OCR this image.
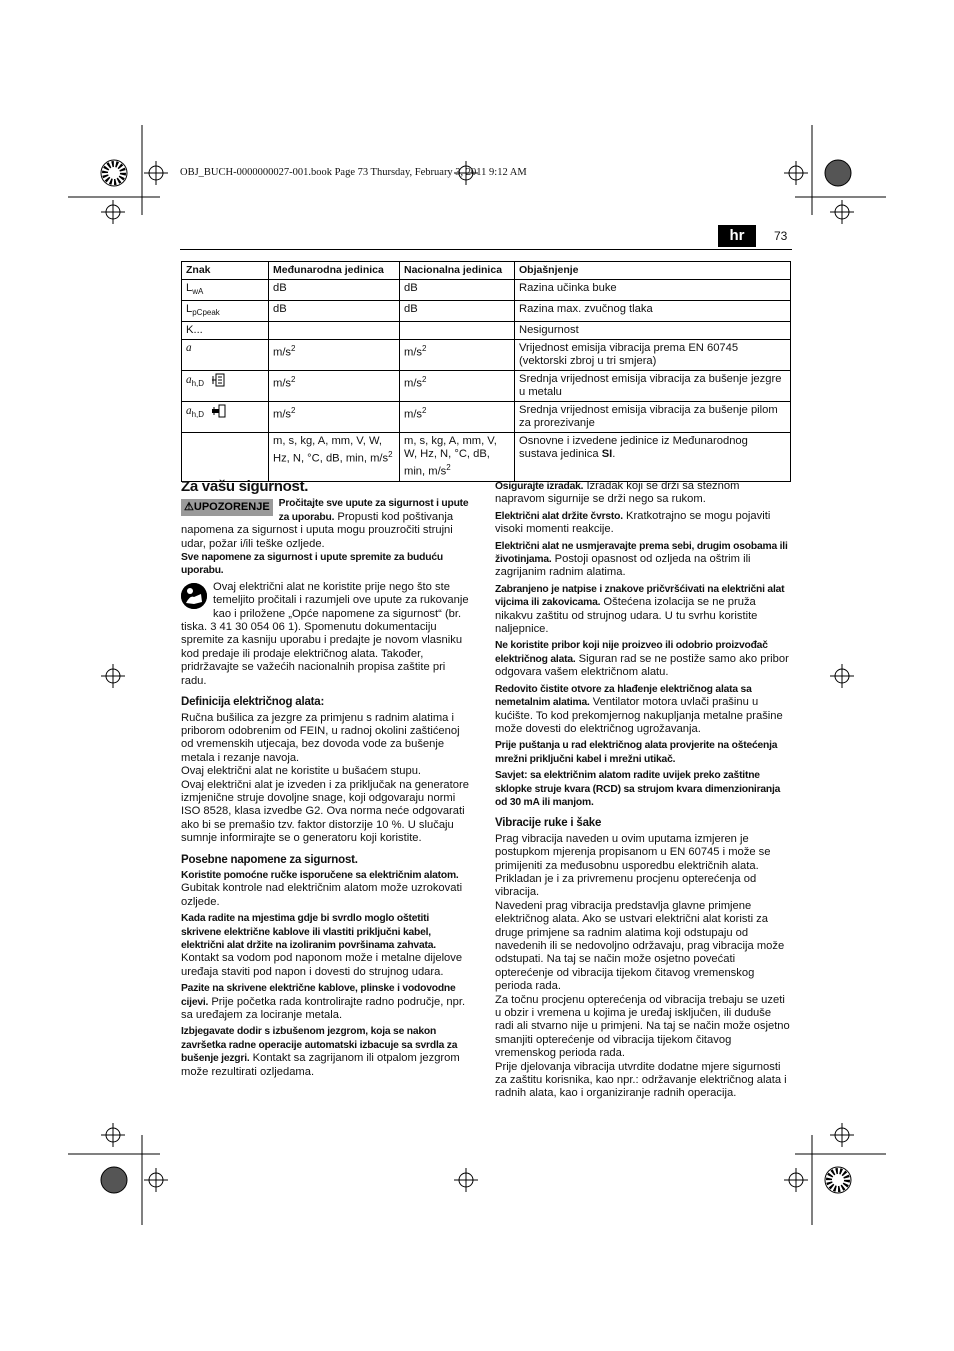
OBJ_BUCH-0000000027-001.book Page 73 Thursday, February 3, 2011 9:12 AM
hr	73
Znak	Međunarodna jedinica	Nacionalna jedinica	Objašnjenje
$L_{wA}$	dB	dB	Razina učinka buke
$L_{pCpeak}$	dB	dB	Razina max. zvučnog tlaka
K...			Nesigurnost
a	$m/s^2$	$m/s^2$	Vrijednost emisija vibracija prema EN 60745 (vektorski zbroj u tri smjera)
$a_{h,D}$	$m/s^2$	$m/s^2$	Srednja vrijednost emisija vibracija za bušenje jezgre u metalu
$a_{h,D}$	$m/s^2$	$m/s^2$	Srednja vrijednost emisija vibracija za bušenje pilom za prorezivanje
	m, s, kg, A, mm, V, W, Hz, N, °C, dB, min, $m/s^2$	m, s, kg, A, mm, V, W, Hz, N, °C, dB, min, $m/s^2$	Osnovne i izvedene jedinice iz Međunarodnog sustava jedinica SI.
Za vašu sigurnost.
⚠UPOZORENJE Pročitajte sve upute za sigurnost i upute za uporabu. Propusti kod poštivanja napomena za sigurnost i uputa mogu prouzročiti strujni udar, požar i/ili teške ozljede.

Sve napomene za sigurnost i upute spremite za buduću uporabu.

Ovaj električni alat ne koristite prije nego što ste temeljito pročitali i razumjeli ove upute za rukovanje kao i priložene „Opće napomene za sigurnost“ (br. tiska. 3 41 30 054 06 1). Spomenutu dokumentaciju spremite za kasniju uporabu i predajte je novom vlasniku kod predaje ili prodaje električnog alata. Također, pridržavajte se važećih nacionalnih propisa zaštite pri radu.

Definicija električnog alata:

Ručna bušilica za jezgre za primjenu s radnim alatima i priborom odobrenim od FEIN, u radnoj okolini zaštićenoj od vremenskih utjecaja, bez dovoda vode za bušenje metala i rezanje navoja.

Ovaj električni alat ne koristite u bušaćem stupu.

Ovaj električni alat je izveden i za priključak na generatore izmjenične struje dovoljne snage, koji odgovaraju normi ISO 8528, klasa izvedbe G2. Ova norma neće odgovarati ako bi se premašio tzv. faktor distorzije 10 %. U slučaju sumnje informirajte se o generatoru koji koristite.

Posebne napomene za sigurnost.

Koristite pomoćne ručke isporučene sa električnim alatom. Gubitak kontrole nad električnim alatom može uzrokovati ozljede.

Kada radite na mjestima gdje bi svrdlo moglo oštetiti skrivene električne kablove ili vlastiti priključni kabel, električni alat držite na izoliranim površinama zahvata. Kontakt sa vodom pod naponom može i metalne dijelove uređaja staviti pod napon i dovesti do strujnog udara.

Pazite na skrivene električne kablove, plinske i vodovodne cijevi. Prije početka rada kontrolirajte radno područje, npr. sa uređajem za lociranje metala.

Izbjegavate dodir s izbušenom jezgrom, koja se nakon završetka radne operacije automatski izbacuje sa svrdla za bušenje jezgri. Kontakt sa zagrijanom ili otpalom jezgrom može rezultirati ozljedama.

Osigurajte izradak. Izradak koji se drži sa steznom napravom sigurnije se drži nego sa rukom.

Električni alat držite čvrsto. Kratkotrajno se mogu pojaviti visoki momenti reakcije.

Električni alat ne usmjeravajte prema sebi, drugim osobama ili životinjama. Postoji opasnost od ozljeda na oštrim ili zagrijanim radnim alatima.

Zabranjeno je natpise i znakove pričvršćivati na električni alat vijcima ili zakovicama. Oštećena izolacija se ne pruža nikakvu zaštitu od strujnog udara. U tu svrhu koristite naljepnice.

Ne koristite pribor koji nije proizveo ili odobrio proizvođač električnog alata. Siguran rad se ne postiže samo ako pribor odgovara vašem električnom alatu.

Redovito čistite otvore za hlađenje električnog alata sa nemetalnim alatima. Ventilator motora uvlači prašinu u kućište. To kod prekomjernog nakupljanja metalne prašine može dovesti do električnog ugrožavanja.

Prije puštanja u rad električnog alata provjerite na oštećenja mrežni priključni kabel i mrežni utikač.

Savjet: sa električnim alatom radite uvijek preko zaštitne sklopke struje kvara (RCD) sa strujom kvara dimenzioniranja od 30 mA ili manjom.

Vibracije ruke i šake

Prag vibracija naveden u ovim uputama izmjeren je postupkom mjerenja propisanom u EN 60745 i može se primijeniti za međusobnu usporedbu električnih alata. Prikladan je i za privremenu procjenu opterećenja od vibracija.

Navedeni prag vibracija predstavlja glavne primjene električnog alata. Ako se ustvari električni alat koristi za druge primjene sa radnim alatima koji odstupaju od navedenih ili se nedovoljno održavaju, prag vibracija može odstupati. Na taj se način može osjetno povećati opterećenje od vibracija tijekom čitavog vremenskog perioda rada.

Za točnu procjenu opterećenja od vibracija trebaju se uzeti u obzir i vremena u kojima je uređaj isključen, ili duduše radi ali stvarno nije u primjeni. Na taj se način može osjetno smanjiti opterećenje od vibracija tijekom čitavog vremenskog perioda rada.

Prije djelovanja vibracija utvrdite dodatne mjere sigurnosti za zaštitu korisnika, kao npr.: održavanje električnog alata i radnih alata, kao i organiziranje radnih operacija.
